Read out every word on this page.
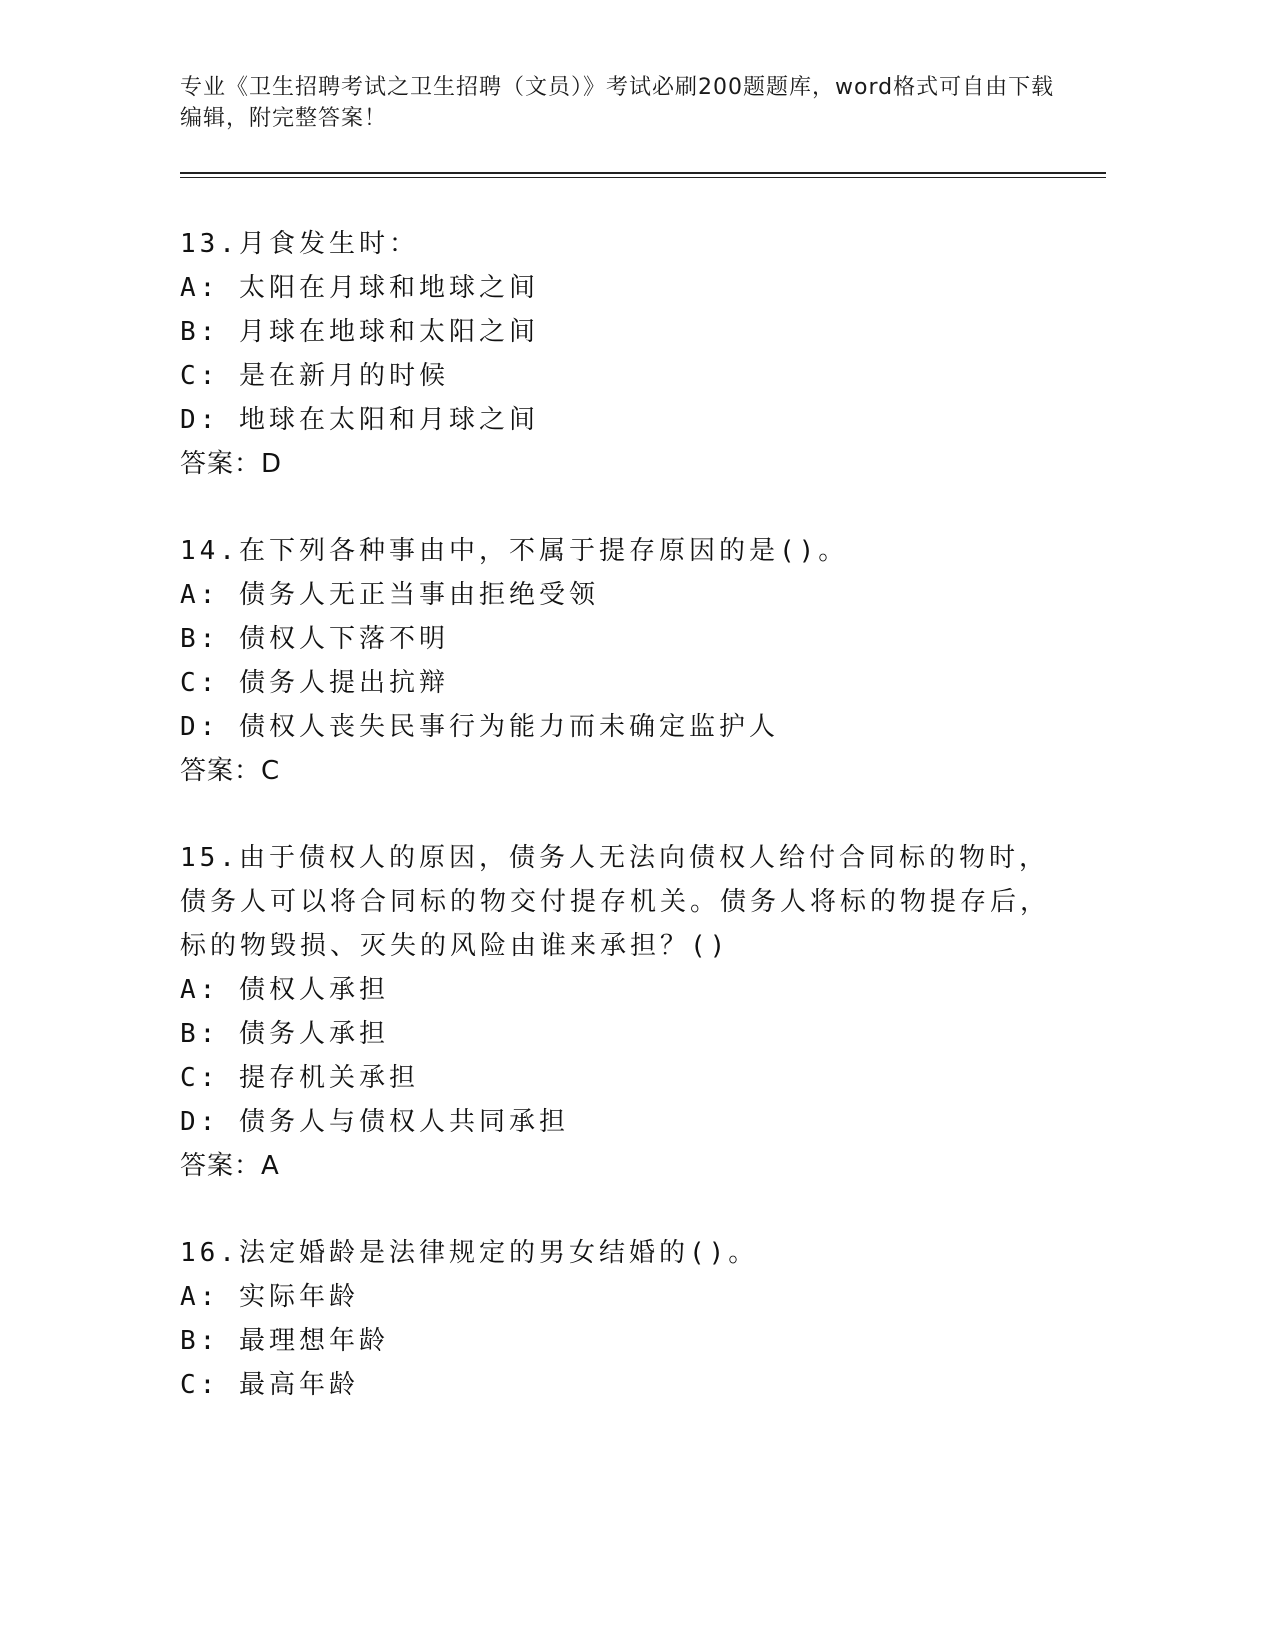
专业《卫生招聘考试之卫生招聘（文员）》考试必刷200题题库，word格式可自由下载编辑，附完整答案！
13.月食发生时：
A: 太阳在月球和地球之间
B: 月球在地球和太阳之间
C: 是在新月的时候
D: 地球在太阳和月球之间
答案：D
14.在下列各种事由中，不属于提存原因的是()。
A: 债务人无正当事由拒绝受领
B: 债权人下落不明
C: 债务人提出抗辩
D: 债权人丧失民事行为能力而未确定监护人
答案：C
15.由于债权人的原因，债务人无法向债权人给付合同标的物时，债务人可以将合同标的物交付提存机关。债务人将标的物提存后，标的物毁损、灭失的风险由谁来承担？()
A: 债权人承担
B: 债务人承担
C: 提存机关承担
D: 债务人与债权人共同承担
答案：A
16.法定婚龄是法律规定的男女结婚的()。
A: 实际年龄
B: 最理想年龄
C: 最高年龄
